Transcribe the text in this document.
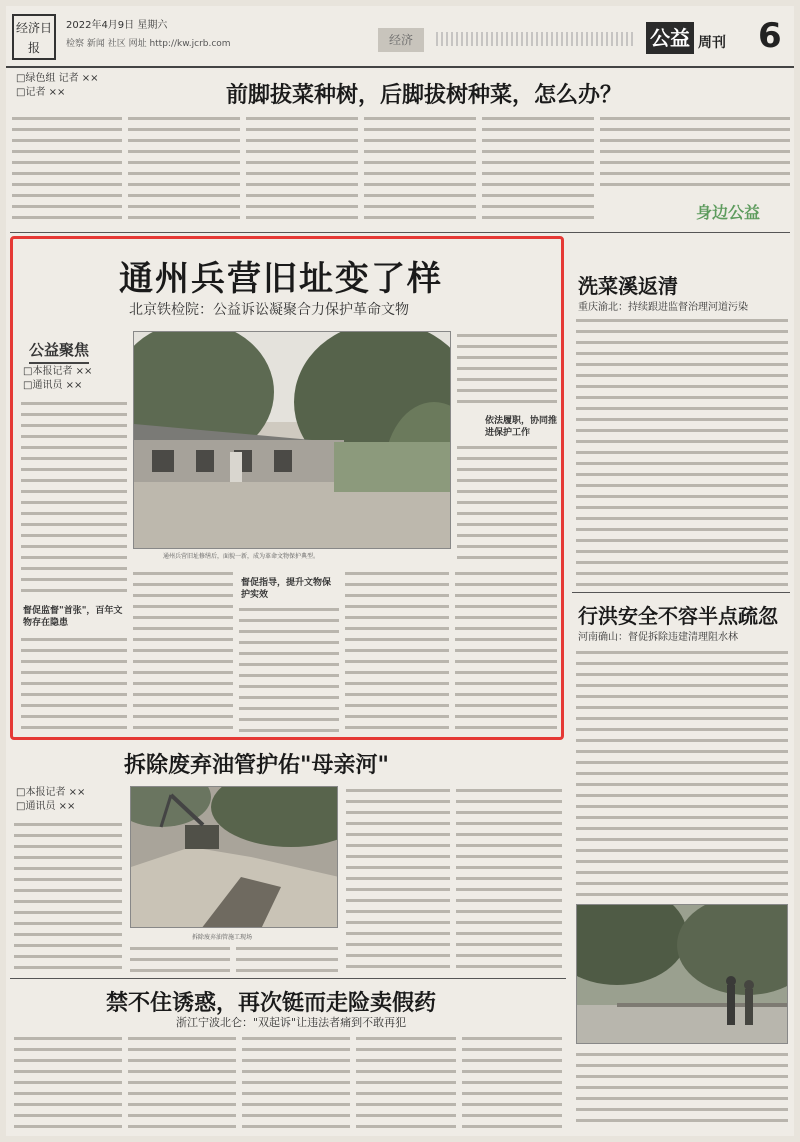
经济日报
2022年4月9日 星期六
检察 新闻 社区 网址 http://kw.jcrb.com	经济	公益 周刊 6
□绿色组 记者 ××
□记者 ××	前脚拔菜种树，后脚拔树种菜，怎么办？
身边公益
通州兵营旧址变了样
北京铁检院：公益诉讼凝聚合力保护革命文物
公益聚焦
□本报记者 ××
□通讯员 ××
通州兵营旧址修缮后，面貌一新，成为革命文物保护典型。
依法履职，协同推进保护工作
督促监督"首张"，百年文物存在隐患
督促指导，提升文物保护实效
洗菜溪返清
重庆渝北：持续跟进监督治理河道污染
行洪安全不容半点疏忽
河南确山：督促拆除违建清理阻水林
拆除废弃油管护佑"母亲河"
□本报记者 ××
□通讯员 ××
拆除废弃油管施工现场
禁不住诱惑，再次铤而走险卖假药
浙江宁波北仑："双起诉"让违法者痛到不敢再犯
